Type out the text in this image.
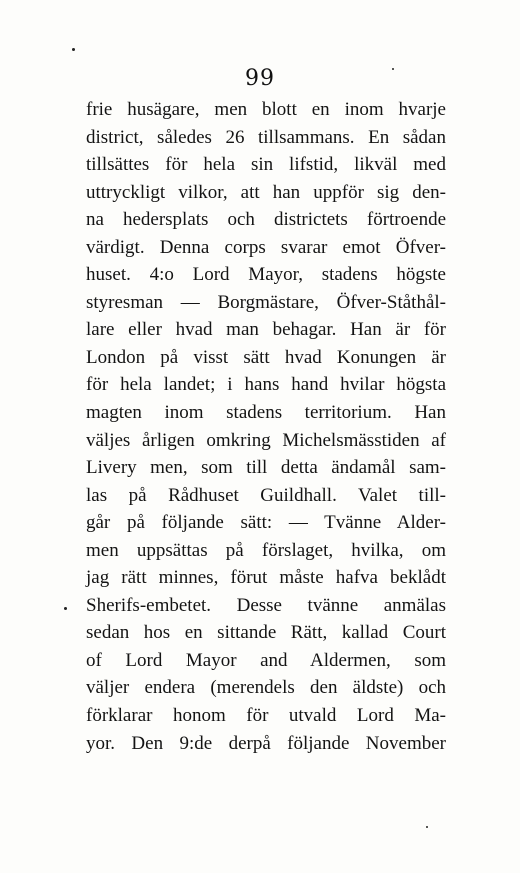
99
frie husägare, men blott en inom hvarje
district, således 26 tillsammans. En sådan
tillsättes för hela sin lifstid, likväl med
uttryckligt vilkor, att han uppför sig den-
na hedersplats och districtets förtroende
värdigt. Denna corps svarar emot Öfver-
huset. 4:o Lord Mayor, stadens högste
styresman — Borgmästare, Öfver-Ståthål-
lare eller hvad man behagar. Han är för
London på visst sätt hvad Konungen är
för hela landet; i hans hand hvilar högsta
magten inom stadens territorium. Han
väljes årligen omkring Michelsmässtiden af
Livery men, som till detta ändamål sam-
las på Rådhuset Guildhall. Valet till-
går på följande sätt: — Tvänne Alder-
men uppsättas på förslaget, hvilka, om
jag rätt minnes, förut måste hafva beklådt
Sherifs-embetet. Desse tvänne anmälas
sedan hos en sittande Rätt, kallad Court
of Lord Mayor and Aldermen, som
väljer endera (merendels den äldste) och
förklarar honom för utvald Lord Ma-
yor. Den 9:de derpå följande November
